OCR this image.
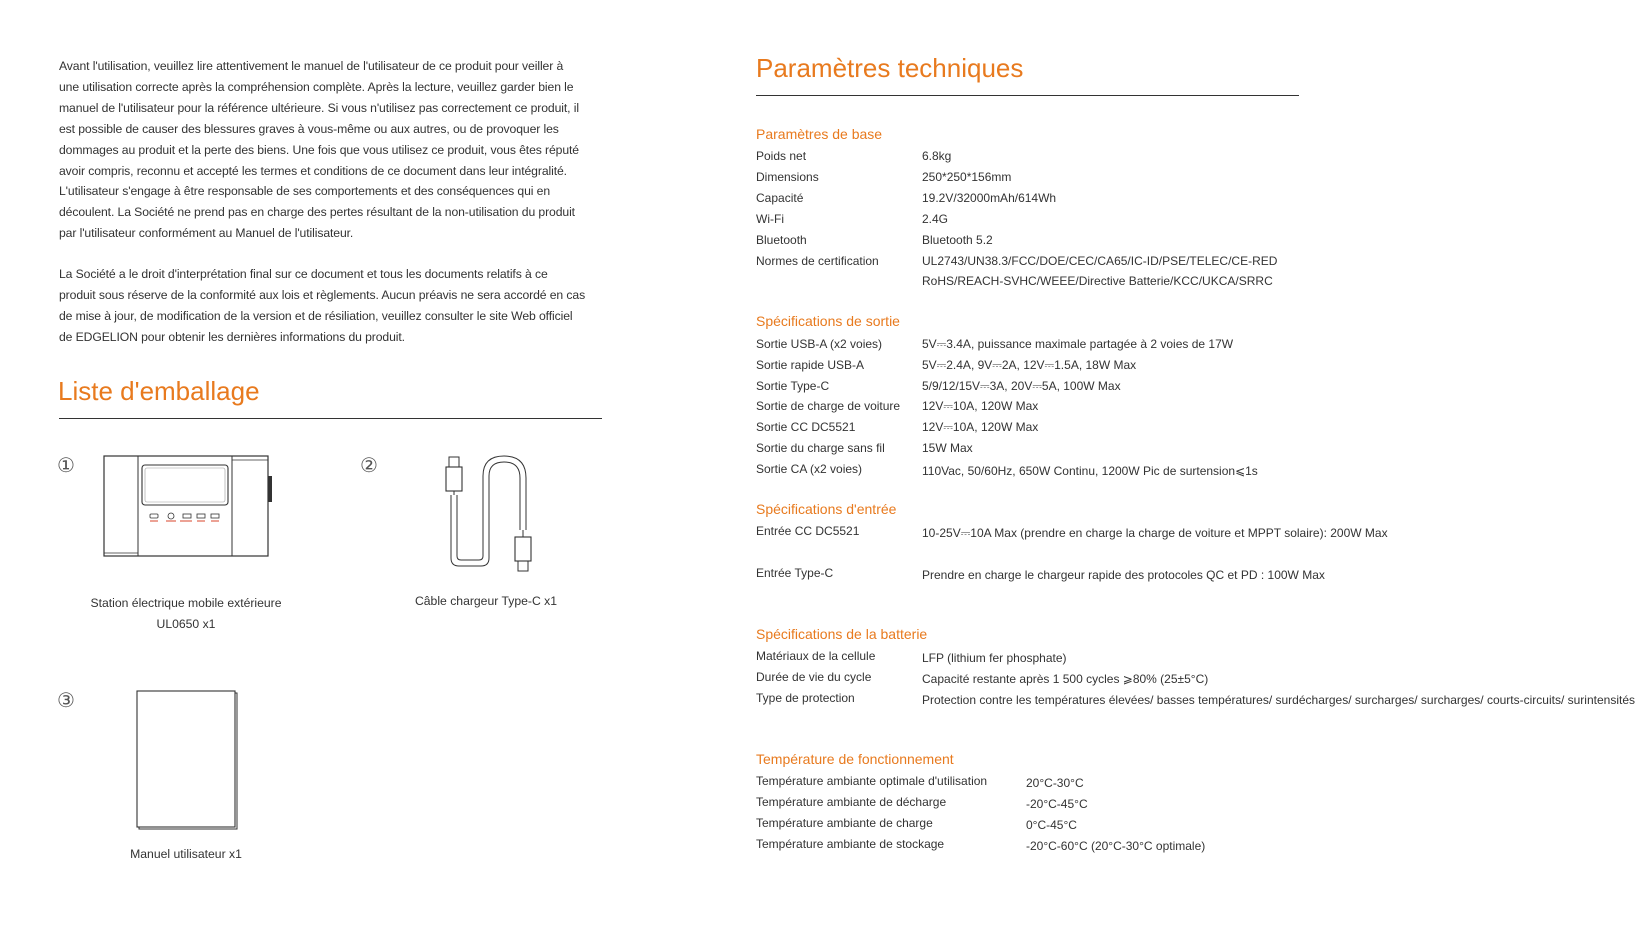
Avant l'utilisation, veuillez lire attentivement le manuel de l'utilisateur de ce produit pour veiller à
une utilisation correcte après la compréhension complète. Après la lecture, veuillez garder bien le
manuel de l'utilisateur pour la référence ultérieure. Si vous n'utilisez pas correctement ce produit, il
est possible de causer des blessures graves à vous-même ou aux autres, ou de provoquer les
dommages au produit et la perte des biens. Une fois que vous utilisez ce produit, vous êtes réputé
avoir compris, reconnu et accepté les termes et conditions de ce document dans leur intégralité.
L'utilisateur s'engage à être responsable de ses comportements et des conséquences qui en
découlent. La Société ne prend pas en charge des pertes résultant de la non-utilisation du produit
par l'utilisateur conformément au Manuel de l'utilisateur.
La Société a le droit d'interprétation final sur ce document et tous les documents relatifs à ce
produit sous réserve de la conformité aux lois et règlements. Aucun préavis ne sera accordé en cas
de mise à jour, de modification de la version et de résiliation, veuillez consulter le site Web officiel
de EDGELION pour obtenir les dernières informations du produit.
Liste d'emballage
①
Station électrique mobile extérieure
UL0650 x1
②
Câble chargeur Type-C x1
③
Manuel utilisateur x1
Paramètres techniques
Paramètres de base
Poids net	6.8kg
Dimensions	250*250*156mm
Capacité	19.2V/32000mAh/614Wh
Wi-Fi	2.4G
Bluetooth	Bluetooth 5.2
Normes de certification	UL2743/UN38.3/FCC/DOE/CEC/CA65/IC-ID/PSE/TELEC/CE-RED
RoHS/REACH-SVHC/WEEE/Directive Batterie/KCC/UKCA/SRRC
Spécifications de sortie
Sortie USB-A (x2 voies)	5V⎓3.4A, puissance maximale partagée à 2 voies de 17W
Sortie rapide USB-A	5V⎓2.4A, 9V⎓2A, 12V⎓1.5A, 18W Max
Sortie Type-C	5/9/12/15V⎓3A, 20V⎓5A, 100W Max
Sortie de charge de voiture 12V⎓10A, 120W Max
Sortie CC DC5521	12V⎓10A, 120W Max
Sortie du charge sans fil	15W Max
Sortie CA (x2 voies)	110Vac, 50/60Hz, 650W Continu, 1200W Pic de surtension⩽1s
Spécifications d'entrée
Entrée CC DC5521	10-25V⎓10A Max (prendre en charge la charge de voiture et MPPT solaire): 200W Max
Entrée Type-C	Prendre en charge le chargeur rapide des protocoles QC et PD : 100W Max
Spécifications de la batterie
Matériaux de la cellule	LFP (lithium fer phosphate)
Durée de vie du cycle	Capacité restante après 1 500 cycles ⩾80% (25±5°C)
Type de protection	Protection contre les températures élevées/ basses températures/ surdécharges/ surcharges/ surcharges/ courts-circuits/ surintensités
Température de fonctionnement
Température ambiante optimale d'utilisation	20°C-30°C
Température ambiante de décharge	-20°C-45°C
Température ambiante de charge	0°C-45°C
Température ambiante de stockage	-20°C-60°C (20°C-30°C optimale)
